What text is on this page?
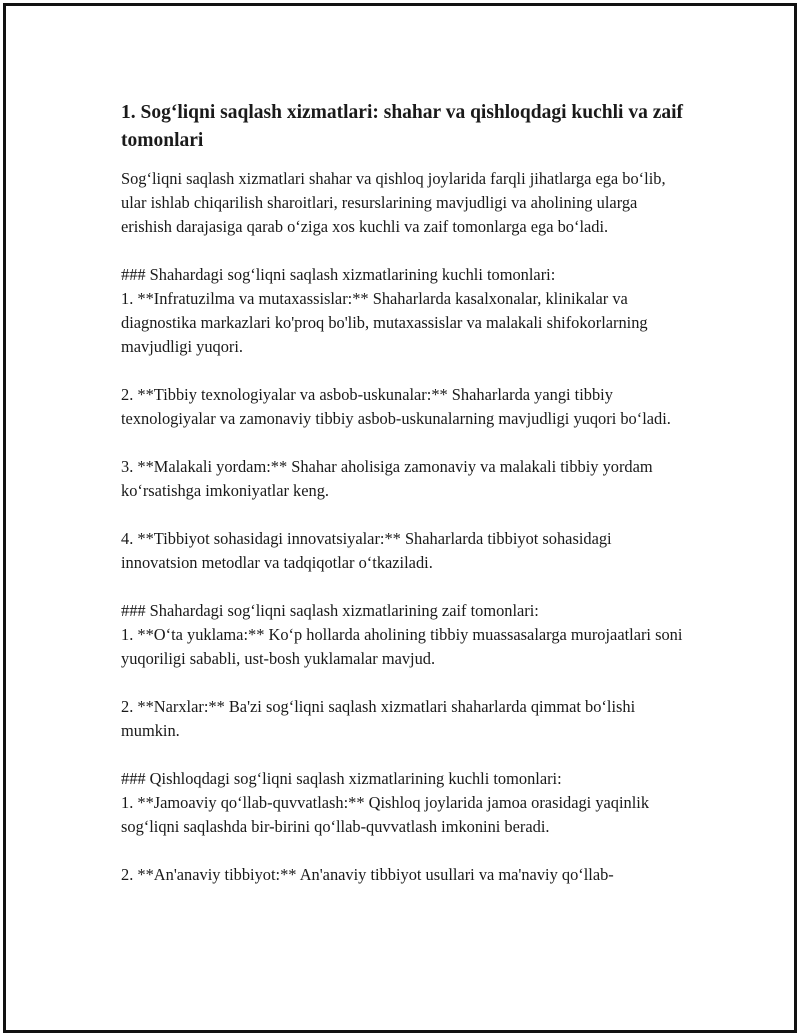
1. Sog‘liqni saqlash xizmatlari: shahar va qishloqdagi kuchli va zaif tomonlari

Sog‘liqni saqlash xizmatlari shahar va qishloq joylarida farqli jihatlarga ega bo‘lib, ular ishlab chiqarilish sharoitlari, resurslarining mavjudligi va aholining ularga erishish darajasiga qarab o‘ziga xos kuchli va zaif tomonlarga ega bo‘ladi.

### Shahardagi sog‘liqni saqlash xizmatlarining kuchli tomonlari:

1. **Infratuzilma va mutaxassislar:** Shaharlarda kasalxonalar, klinikalar va diagnostika markazlari ko'proq bo'lib, mutaxassislar va malakali shifokorlarning mavjudligi yuqori.

2. **Tibbiy texnologiyalar va asbob-uskunalar:** Shaharlarda yangi tibbiy texnologiyalar va zamonaviy tibbiy asbob-uskunalarning mavjudligi yuqori bo‘ladi.

3. **Malakali yordam:** Shahar aholisiga zamonaviy va malakali tibbiy yordam ko‘rsatishga imkoniyatlar keng.

4. **Tibbiyot sohasidagi innovatsiyalar:** Shaharlarda tibbiyot sohasidagi innovatsion metodlar va tadqiqotlar o‘tkaziladi.

### Shahardagi sog‘liqni saqlash xizmatlarining zaif tomonlari:

1. **O‘ta yuklama:** Ko‘p hollarda aholining tibbiy muassasalarga murojaatlari soni yuqoriligi sababli, ust-bosh yuklamalar mavjud.

2. **Narxlar:** Ba'zi sog‘liqni saqlash xizmatlari shaharlarda qimmat bo‘lishi mumkin.

### Qishloqdagi sog‘liqni saqlash xizmatlarining kuchli tomonlari:

1. **Jamoaviy qo‘llab-quvvatlash:** Qishloq joylarida jamoa orasidagi yaqinlik sog‘liqni saqlashda bir-birini qo‘llab-quvvatlash imkonini beradi.

2. **An'anaviy tibbiyot:** An'anaviy tibbiyot usullari va ma'naviy qo‘llab-
